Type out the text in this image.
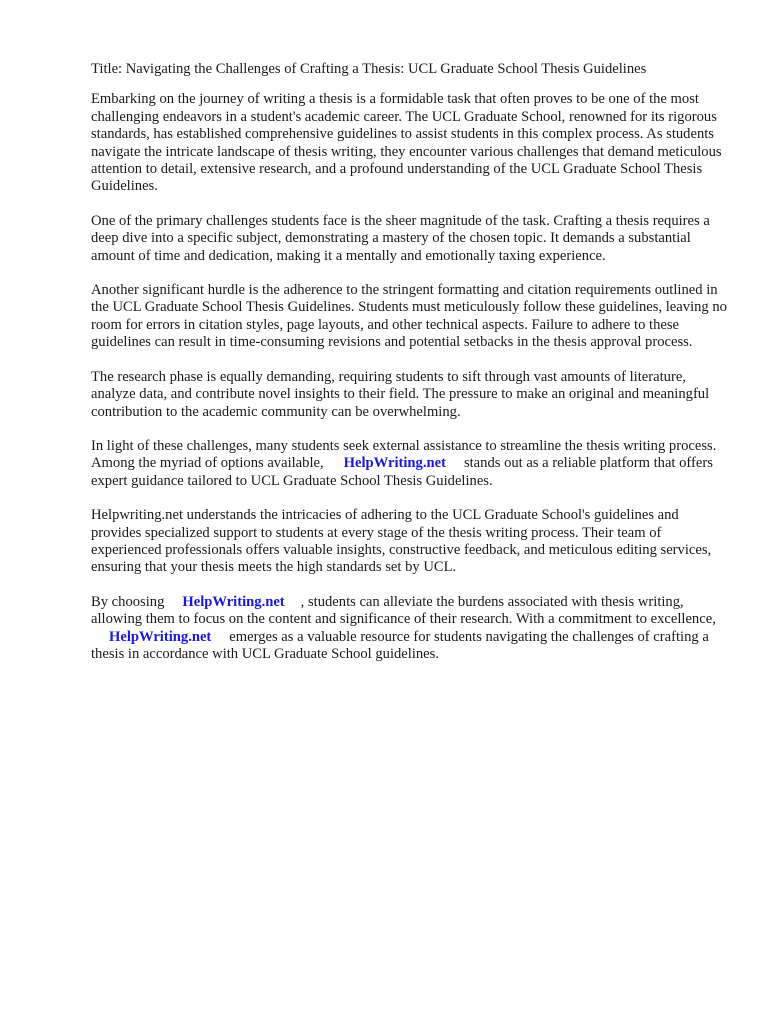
Title: Navigating the Challenges of Crafting a Thesis: UCL Graduate School Thesis Guidelines

Embarking on the journey of writing a thesis is a formidable task that often proves to be one of the most challenging endeavors in a student's academic career. The UCL Graduate School, renowned for its rigorous standards, has established comprehensive guidelines to assist students in this complex process. As students navigate the intricate landscape of thesis writing, they encounter various challenges that demand meticulous attention to detail, extensive research, and a profound understanding of the UCL Graduate School Thesis Guidelines.

One of the primary challenges students face is the sheer magnitude of the task. Crafting a thesis requires a deep dive into a specific subject, demonstrating a mastery of the chosen topic. It demands a substantial amount of time and dedication, making it a mentally and emotionally taxing experience.

Another significant hurdle is the adherence to the stringent formatting and citation requirements outlined in the UCL Graduate School Thesis Guidelines. Students must meticulously follow these guidelines, leaving no room for errors in citation styles, page layouts, and other technical aspects. Failure to adhere to these guidelines can result in time-consuming revisions and potential setbacks in the thesis approval process.

The research phase is equally demanding, requiring students to sift through vast amounts of literature, analyze data, and contribute novel insights to their field. The pressure to make an original and meaningful contribution to the academic community can be overwhelming.

In light of these challenges, many students seek external assistance to streamline the thesis writing process. Among the myriad of options available, HelpWriting.net stands out as a reliable platform that offers expert guidance tailored to UCL Graduate School Thesis Guidelines.

Helpwriting.net understands the intricacies of adhering to the UCL Graduate School's guidelines and provides specialized support to students at every stage of the thesis writing process. Their team of experienced professionals offers valuable insights, constructive feedback, and meticulous editing services, ensuring that your thesis meets the high standards set by UCL.

By choosing HelpWriting.net , students can alleviate the burdens associated with thesis writing, allowing them to focus on the content and significance of their research. With a commitment to excellence,HelpWriting.net emerges as a valuable resource for students navigating the challenges of crafting a thesis in accordance with UCL Graduate School guidelines.
